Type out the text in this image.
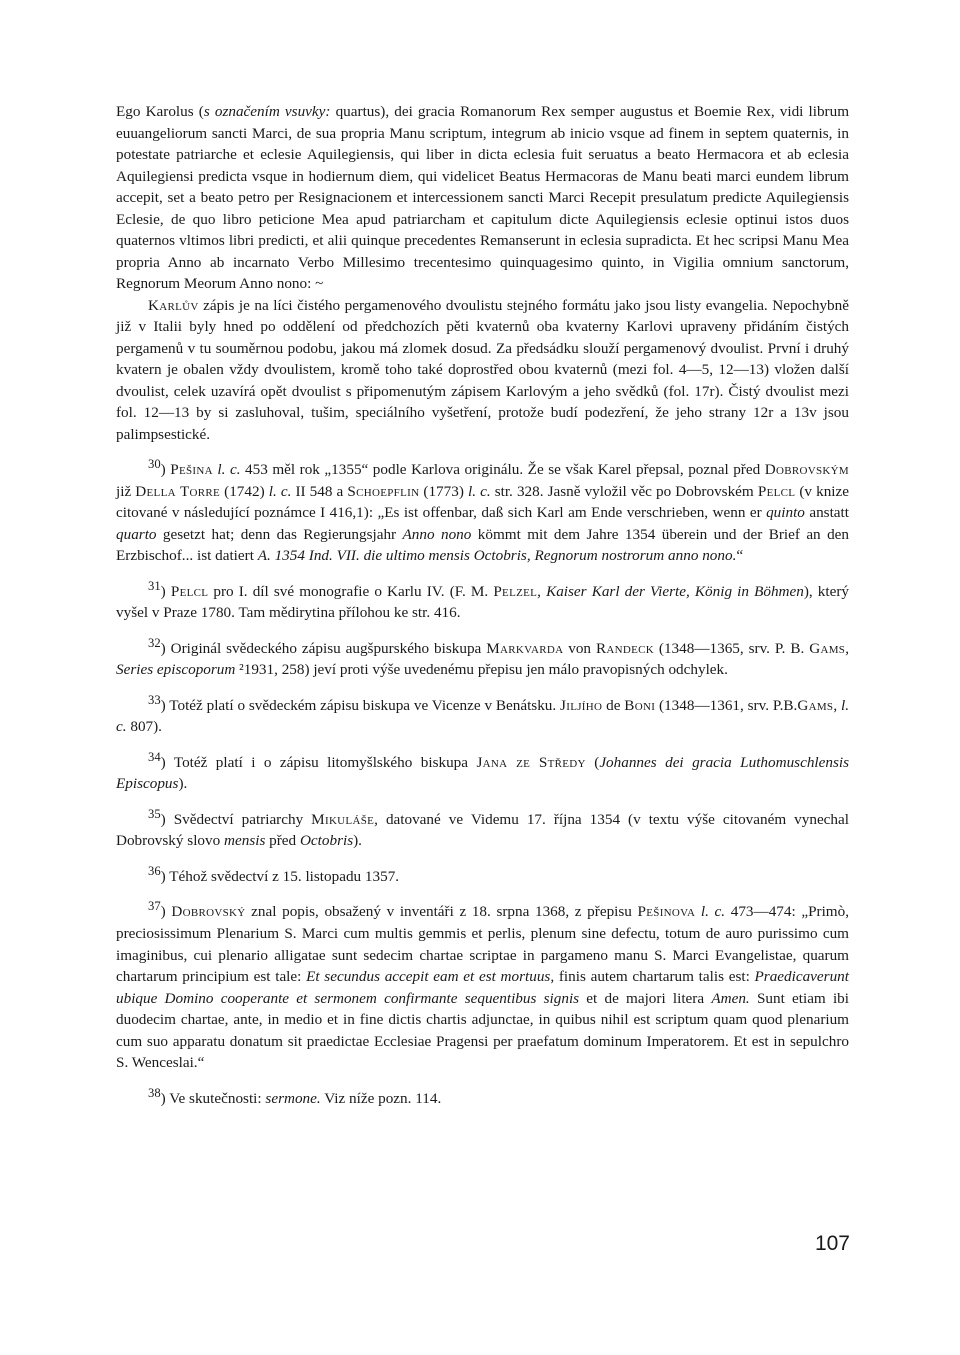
Ego Karolus (s označením vsuvky: quartus), dei gracia Romanorum Rex semper augustus et Boemie Rex, vidi librum euuangeliorum sancti Marci, de sua propria Manu scriptum, integrum ab inicio vsque ad finem in septem quaternis, in potestate patriarche et eclesie Aquilegiensis, qui liber in dicta eclesia fuit seruatus a beato Hermacora et ab eclesia Aquilegiensi predicta vsque in hodiernum diem, qui videlicet Beatus Hermacoras de Manu beati marci eundem librum accepit, set a beato petro per Resignacionem et intercessionem sancti Marci Recepit presulatum predicte Aquilegiensis Eclesie, de quo libro peticione Mea apud patriarcham et capitulum dicte Aquilegiensis eclesie optinui istos duos quaternos vltimos libri predicti, et alii quinque precedentes Remanserunt in eclesia supradicta. Et hec scripsi Manu Mea propria Anno ab incarnato Verbo Millesimo trecentesimo quinquagesimo quinto, in Vigilia omnium sanctorum, Regnorum Meorum Anno nono: ~

Karlův zápis je na líci čistého pergamenového dvoulistu stejného formátu jako jsou listy evangelia. Nepochybně již v Italii byly hned po oddělení od předchozích pěti kvaternů oba kvaterny Karlovi upraveny přidáním čistých pergamenů v tu souměrnou podobu, jakou má zlomek dosud. Za předsádku slouží pergamenový dvoulist. První i druhý kvatern je obalen vždy dvoulistem, kromě toho také doprostřed obou kvaternů (mezi fol. 4—5, 12—13) vložen další dvoulist, celek uzavírá opět dvoulist s připomenutým zápisem Karlovým a jeho svědků (fol. 17r). Čistý dvoulist mezi fol. 12—13 by si zasluhoval, tušim, speciálního vyšetření, protože budí podezření, že jeho strany 12r a 13v jsou palimpsestické.

$^{30}$) Pešina l. c. 453 měl rok „1355“ podle Karlova originálu. Že se však Karel přepsal, poznal před Dobrovským již Della Torre (1742) l. c. II 548 a Schoepflin (1773) l. c. str. 328. Jasně vyložil věc po Dobrovském Pelcl (v knize citované v následující poznámce I 416,1): „Es ist offenbar, daß sich Karl am Ende verschrieben, wenn er quinto anstatt quarto gesetzt hat; denn das Regierungsjahr Anno nono kömmt mit dem Jahre 1354 überein und der Brief an den Erzbischof... ist datiert A. 1354 Ind. VII. die ultimo mensis Octobris, Regnorum nostrorum anno nono.“

$^{31}$) Pelcl pro I. díl své monografie o Karlu IV. (F. M. Pelzel, Kaiser Karl der Vierte, König in Böhmen), který vyšel v Praze 1780. Tam mědirytina přílohou ke str. 416.

$^{32}$) Originál svědeckého zápisu augšpurského biskupa Markvarda von Randeck (1348—1365, srv. P. B. Gams, Series episcoporum ²1931, 258) jeví proti výše uvedenému přepisu jen málo pravopisných odchylek.

$^{33}$) Totéž platí o svědeckém zápisu biskupa ve Vicenze v Benátsku. Jiljího de Boni (1348—1361, srv. P.B.Gams, l. c. 807).

$^{34}$) Totéž platí i o zápisu litomyšlského biskupa Jana ze Středy (Johannes dei gracia Luthomuschlensis Episcopus).

$^{35}$) Svědectví patriarchy Mikuláše, datované ve Videmu 17. října 1354 (v textu výše citovaném vynechal Dobrovský slovo mensis před Octobris).

$^{36}$) Téhož svědectví z 15. listopadu 1357.

$^{37}$) Dobrovský znal popis, obsažený v inventáři z 18. srpna 1368, z přepisu Pešinova l. c. 473—474: „Primò, preciosissimum Plenarium S. Marci cum multis gemmis et perlis, plenum sine defectu, totum de auro purissimo cum imaginibus, cui plenario alligatae sunt sedecim chartae scriptae in pargameno manu S. Marci Evangelistae, quarum chartarum principium est tale: Et secundus accepit eam et est mortuus, finis autem chartarum talis est: Praedicaverunt ubique Domino cooperante et sermonem confirmante sequentibus signis et de majori litera Amen. Sunt etiam ibi duodecim chartae, ante, in medio et in fine dictis chartis adjunctae, in quibus nihil est scriptum quam quod plenarium cum suo apparatu donatum sit praedictae Ecclesiae Pragensi per praefatum dominum Imperatorem. Et est in sepulchro S. Wenceslai.“

$^{38}$) Ve skutečnosti: sermone. Viz níže pozn. 114.

107
